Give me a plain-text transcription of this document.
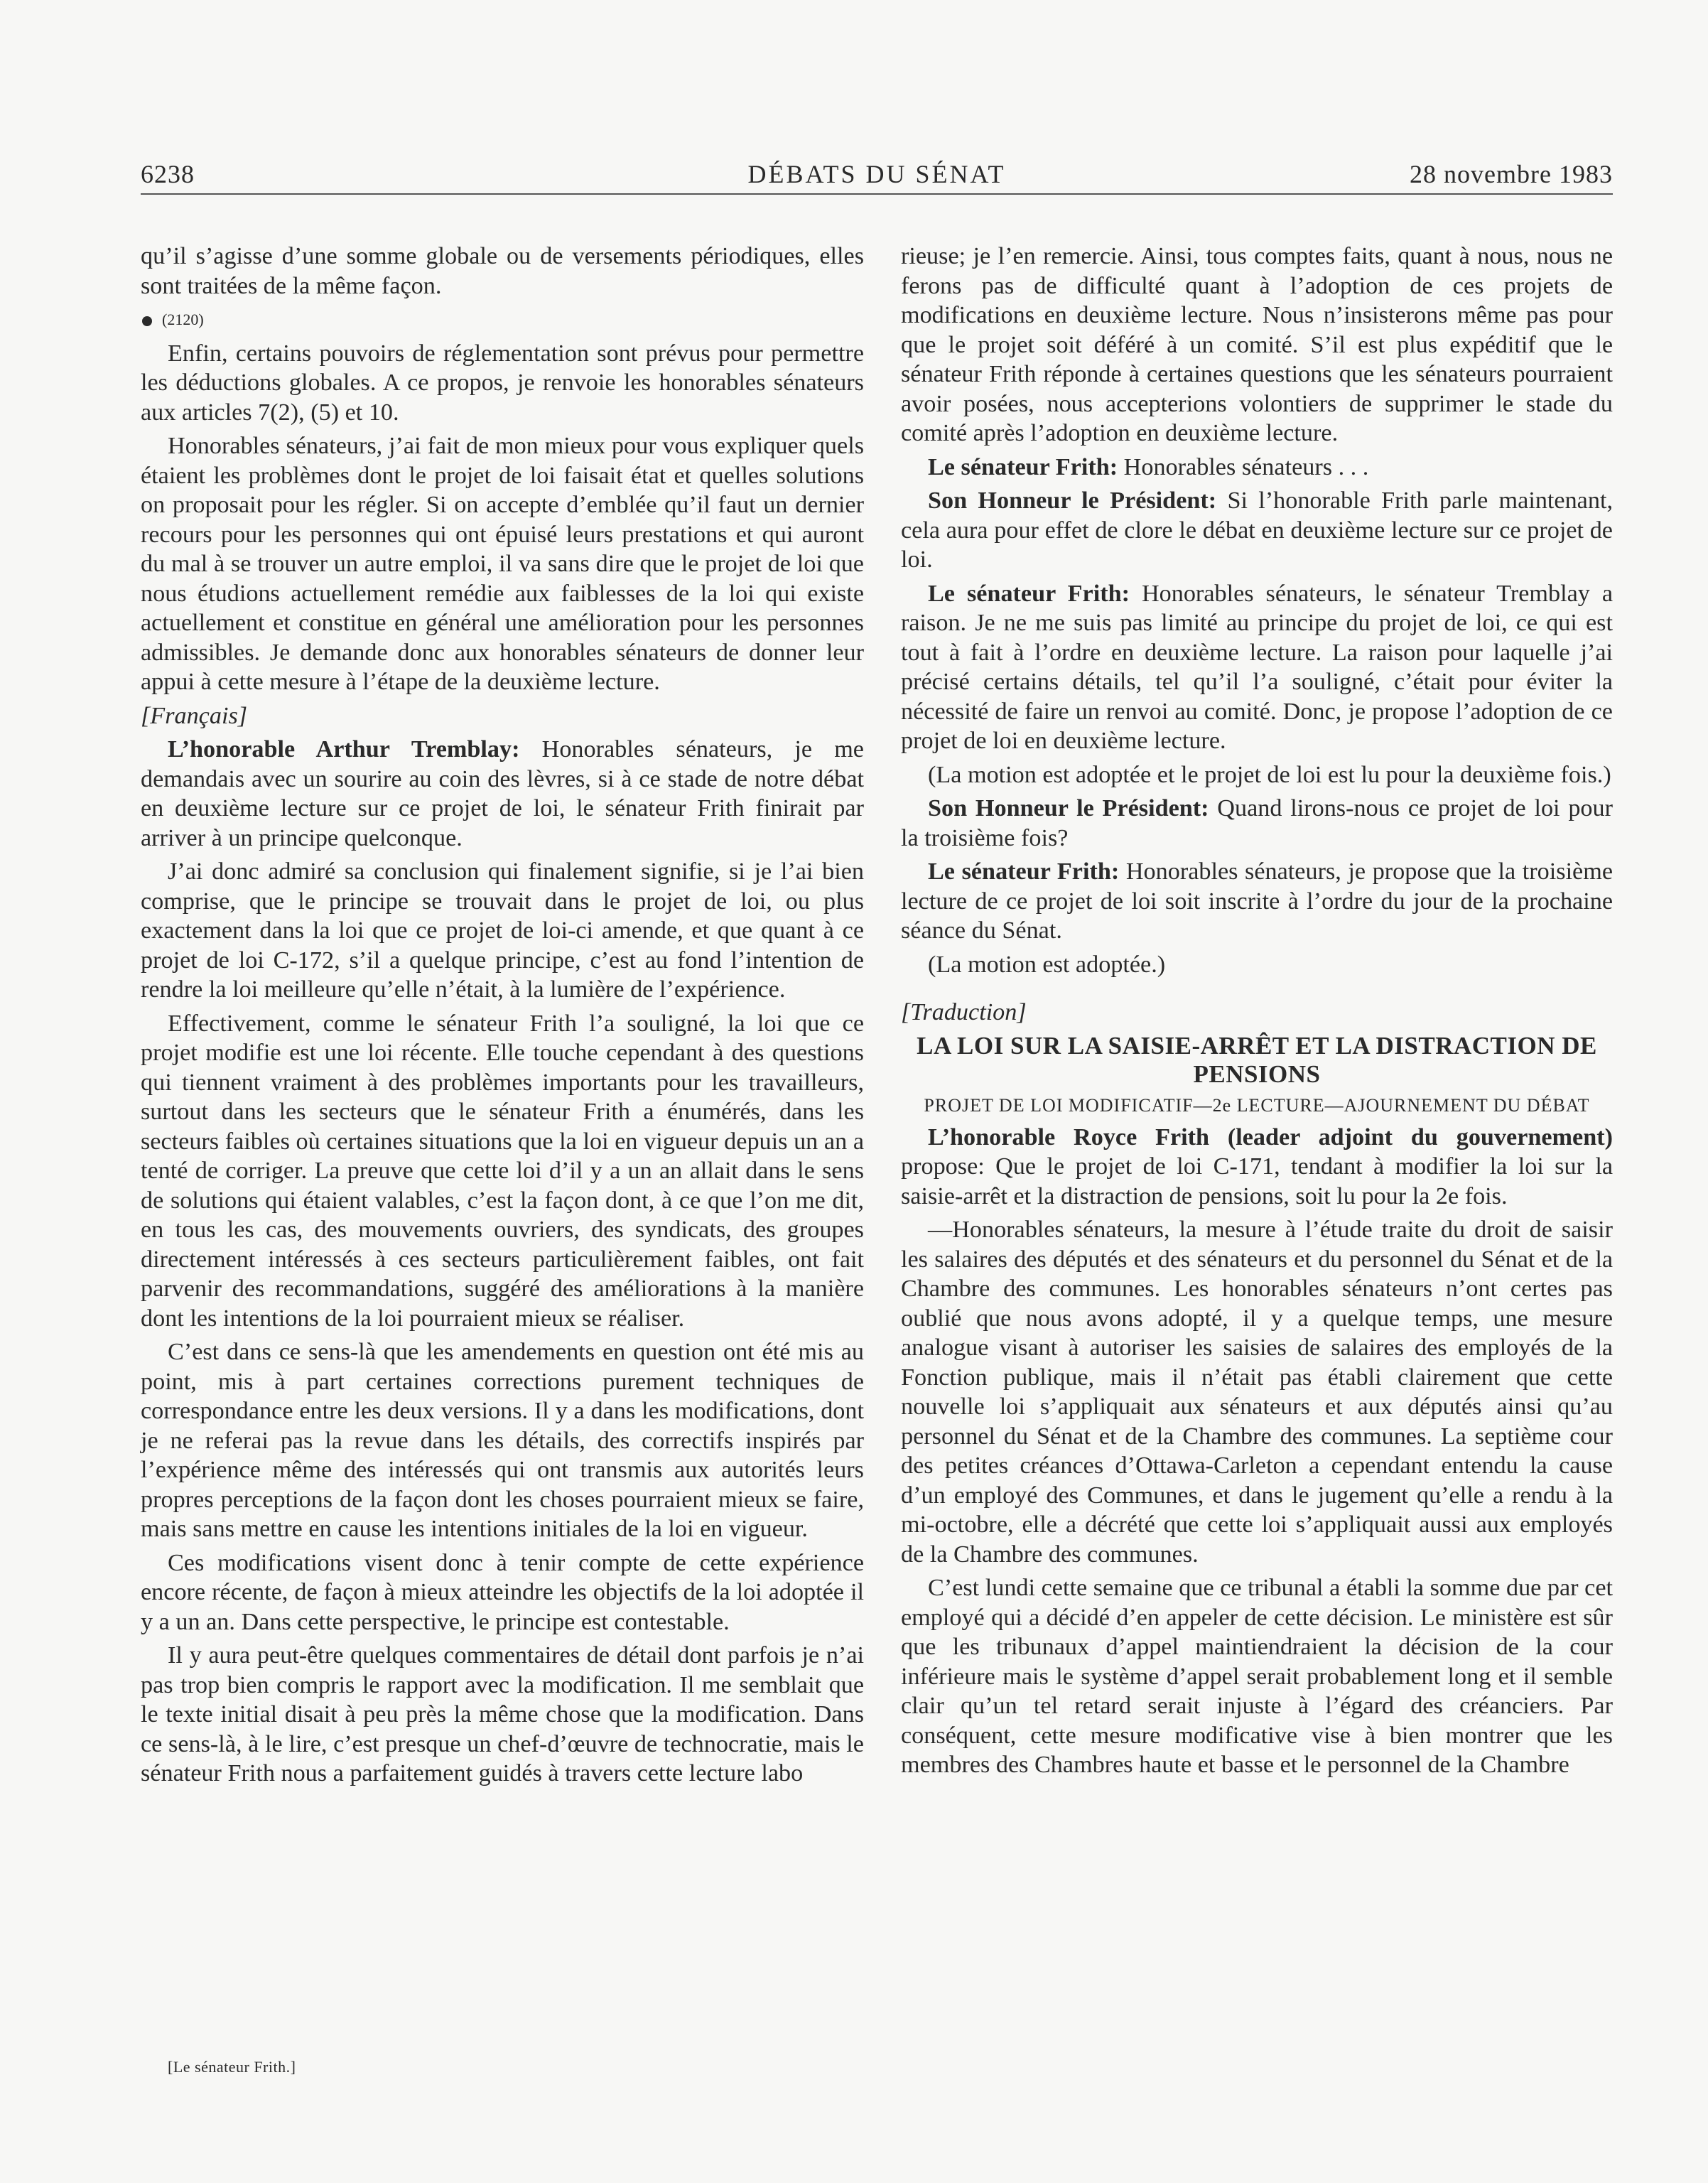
6238	DÉBATS DU SÉNAT	28 novembre 1983

qu’il s’agisse d’une somme globale ou de versements périodiques, elles sont traitées de la même façon.

(2120)

Enfin, certains pouvoirs de réglementation sont prévus pour permettre les déductions globales. A ce propos, je renvoie les honorables sénateurs aux articles 7(2), (5) et 10.

Honorables sénateurs, j’ai fait de mon mieux pour vous expliquer quels étaient les problèmes dont le projet de loi faisait état et quelles solutions on proposait pour les régler. Si on accepte d’emblée qu’il faut un dernier recours pour les personnes qui ont épuisé leurs prestations et qui auront du mal à se trouver un autre emploi, il va sans dire que le projet de loi que nous étudions actuellement remédie aux faiblesses de la loi qui existe actuellement et constitue en général une amélioration pour les personnes admissibles. Je demande donc aux honorables sénateurs de donner leur appui à cette mesure à l’étape de la deuxième lecture.

[Français]

L’honorable Arthur Tremblay: Honorables sénateurs, je me demandais avec un sourire au coin des lèvres, si à ce stade de notre débat en deuxième lecture sur ce projet de loi, le sénateur Frith finirait par arriver à un principe quelconque.

J’ai donc admiré sa conclusion qui finalement signifie, si je l’ai bien comprise, que le principe se trouvait dans le projet de loi, ou plus exactement dans la loi que ce projet de loi-ci amende, et que quant à ce projet de loi C-172, s’il a quelque principe, c’est au fond l’intention de rendre la loi meilleure qu’elle n’était, à la lumière de l’expérience.

Effectivement, comme le sénateur Frith l’a souligné, la loi que ce projet modifie est une loi récente. Elle touche cependant à des questions qui tiennent vraiment à des problèmes importants pour les travailleurs, surtout dans les secteurs que le sénateur Frith a énumérés, dans les secteurs faibles où certaines situations que la loi en vigueur depuis un an a tenté de corriger. La preuve que cette loi d’il y a un an allait dans le sens de solutions qui étaient valables, c’est la façon dont, à ce que l’on me dit, en tous les cas, des mouvements ouvriers, des syndicats, des groupes directement intéressés à ces secteurs particulièrement faibles, ont fait parvenir des recommandations, suggéré des améliorations à la manière dont les intentions de la loi pourraient mieux se réaliser.

C’est dans ce sens-là que les amendements en question ont été mis au point, mis à part certaines corrections purement techniques de correspondance entre les deux versions. Il y a dans les modifications, dont je ne referai pas la revue dans les détails, des correctifs inspirés par l’expérience même des intéressés qui ont transmis aux autorités leurs propres perceptions de la façon dont les choses pourraient mieux se faire, mais sans mettre en cause les intentions initiales de la loi en vigueur.

Ces modifications visent donc à tenir compte de cette expérience encore récente, de façon à mieux atteindre les objectifs de la loi adoptée il y a un an. Dans cette perspective, le principe est contestable.

Il y aura peut-être quelques commentaires de détail dont parfois je n’ai pas trop bien compris le rapport avec la modification. Il me semblait que le texte initial disait à peu près la même chose que la modification. Dans ce sens-là, à le lire, c’est presque un chef-d’œuvre de technocratie, mais le sénateur Frith nous a parfaitement guidés à travers cette lecture labo

[Le sénateur Frith.]

rieuse; je l’en remercie. Ainsi, tous comptes faits, quant à nous, nous ne ferons pas de difficulté quant à l’adoption de ces projets de modifications en deuxième lecture. Nous n’insisterons même pas pour que le projet soit déféré à un comité. S’il est plus expéditif que le sénateur Frith réponde à certaines questions que les sénateurs pourraient avoir posées, nous accepterions volontiers de supprimer le stade du comité après l’adoption en deuxième lecture.

Le sénateur Frith: Honorables sénateurs . . .

Son Honneur le Président: Si l’honorable Frith parle maintenant, cela aura pour effet de clore le débat en deuxième lecture sur ce projet de loi.

Le sénateur Frith: Honorables sénateurs, le sénateur Tremblay a raison. Je ne me suis pas limité au principe du projet de loi, ce qui est tout à fait à l’ordre en deuxième lecture. La raison pour laquelle j’ai précisé certains détails, tel qu’il l’a souligné, c’était pour éviter la nécessité de faire un renvoi au comité. Donc, je propose l’adoption de ce projet de loi en deuxième lecture.

(La motion est adoptée et le projet de loi est lu pour la deuxième fois.)

Son Honneur le Président: Quand lirons-nous ce projet de loi pour la troisième fois?

Le sénateur Frith: Honorables sénateurs, je propose que la troisième lecture de ce projet de loi soit inscrite à l’ordre du jour de la prochaine séance du Sénat.

(La motion est adoptée.)

[Traduction]

LA LOI SUR LA SAISIE-ARRÊT ET LA DISTRACTION DE PENSIONS

PROJET DE LOI MODIFICATIF—2e LECTURE—AJOURNEMENT DU DÉBAT

L’honorable Royce Frith (leader adjoint du gouvernement) propose: Que le projet de loi C-171, tendant à modifier la loi sur la saisie-arrêt et la distraction de pensions, soit lu pour la 2e fois.

—Honorables sénateurs, la mesure à l’étude traite du droit de saisir les salaires des députés et des sénateurs et du personnel du Sénat et de la Chambre des communes. Les honorables sénateurs n’ont certes pas oublié que nous avons adopté, il y a quelque temps, une mesure analogue visant à autoriser les saisies de salaires des employés de la Fonction publique, mais il n’était pas établi clairement que cette nouvelle loi s’appliquait aux sénateurs et aux députés ainsi qu’au personnel du Sénat et de la Chambre des communes. La septième cour des petites créances d’Ottawa-Carleton a cependant entendu la cause d’un employé des Communes, et dans le jugement qu’elle a rendu à la mi-octobre, elle a décrété que cette loi s’appliquait aussi aux employés de la Chambre des communes.

C’est lundi cette semaine que ce tribunal a établi la somme due par cet employé qui a décidé d’en appeler de cette décision. Le ministère est sûr que les tribunaux d’appel maintiendraient la décision de la cour inférieure mais le système d’appel serait probablement long et il semble clair qu’un tel retard serait injuste à l’égard des créanciers. Par conséquent, cette mesure modificative vise à bien montrer que les membres des Chambres haute et basse et le personnel de la Chambre
